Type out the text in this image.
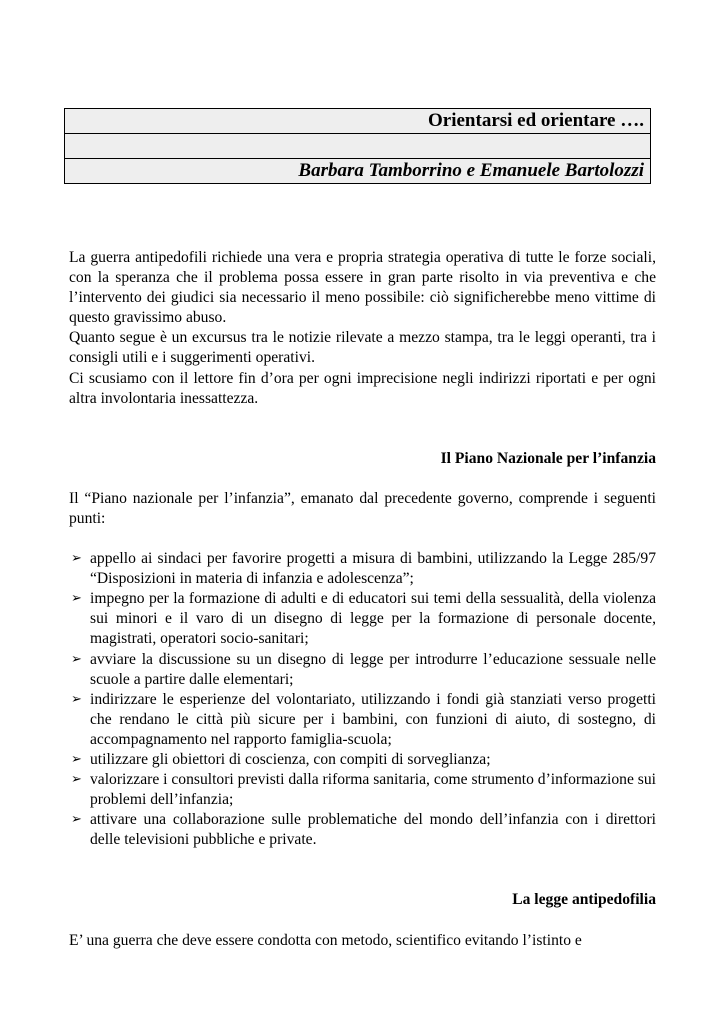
Orientarsi ed orientare ….
Barbara Tamborrino e Emanuele Bartolozzi

La guerra antipedofili richiede una vera e propria strategia operativa di tutte le forze sociali, con la speranza che il problema possa essere in gran parte risolto in via preventiva e che l’intervento dei giudici sia necessario il meno possibile: ciò significherebbe meno vittime di questo gravissimo abuso.

Quanto segue è un excursus tra le notizie rilevate a mezzo stampa, tra le leggi operanti, tra i consigli utili e i suggerimenti operativi.

Ci scusiamo con il lettore fin d’ora per ogni imprecisione negli indirizzi riportati e per ogni altra involontaria inessattezza.

Il Piano Nazionale per l’infanzia

Il “Piano nazionale per l’infanzia”, emanato dal precedente governo, comprende i seguenti punti:

➢ appello ai sindaci per favorire progetti a misura di bambini, utilizzando la Legge 285/97 “Disposizioni in materia di infanzia e adolescenza”;
➢ impegno per la formazione di adulti e di educatori sui temi della sessualità, della violenza sui minori e il varo di un disegno di legge per la formazione di personale docente, magistrati, operatori socio-sanitari;
➢ avviare la discussione su un disegno di legge per introdurre l’educazione sessuale nelle scuole a partire dalle elementari;
➢ indirizzare le esperienze del volontariato, utilizzando i fondi già stanziati verso progetti che rendano le città più sicure per i bambini, con funzioni di aiuto, di sostegno, di accompagnamento nel rapporto famiglia-scuola;
➢ utilizzare gli obiettori di coscienza, con compiti di sorveglianza;
➢ valorizzare i consultori previsti dalla riforma sanitaria, come strumento d’informazione sui problemi dell’infanzia;
➢ attivare una collaborazione sulle problematiche del mondo dell’infanzia con i direttori delle televisioni pubbliche e private.

La legge antipedofilia

E’ una guerra che deve essere condotta con metodo, scientifico evitando l’istinto e
